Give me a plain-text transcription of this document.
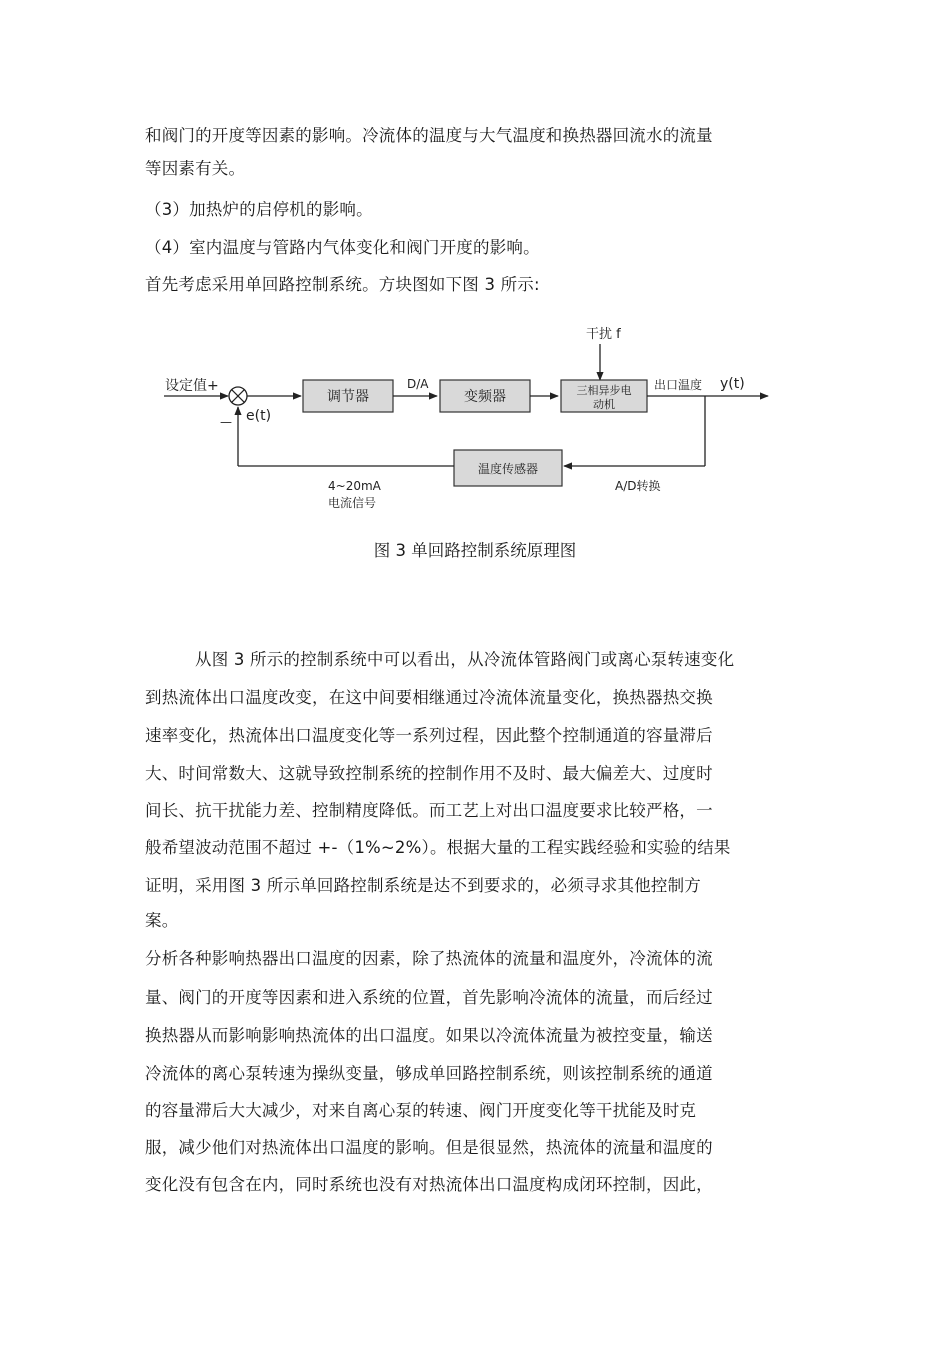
和阀门的开度等因素的影响。冷流体的温度与大气温度和换热器回流水的流量
等因素有关。
（3）加热炉的启停机的影响。
（4）室内温度与管路内气体变化和阀门开度的影响。
首先考虑采用单回路控制系统。方块图如下图 3 所示:
干扰 f
设定值+
e(t)
—
调节器
D/A
变频器	三相异步电
动机
出口温度 y(t)
温度传感器
4~20mA
电流信号
A/D转换
图 3 单回路控制系统原理图
从图 3 所示的控制系统中可以看出，从冷流体管路阀门或离心泵转速变化
到热流体出口温度改变，在这中间要相继通过冷流体流量变化，换热器热交换
速率变化，热流体出口温度变化等一系列过程，因此整个控制通道的容量滞后
大、时间常数大、这就导致控制系统的控制作用不及时、最大偏差大、过度时
间长、抗干扰能力差、控制精度降低。而工艺上对出口温度要求比较严格，一
般希望波动范围不超过 +-（1%~2%）。根据大量的工程实践经验和实验的结果
证明，采用图 3 所示单回路控制系统是达不到要求的，必须寻求其他控制方
案。
分析各种影响热器出口温度的因素，除了热流体的流量和温度外，冷流体的流
量、阀门的开度等因素和进入系统的位置，首先影响冷流体的流量，而后经过
换热器从而影响影响热流体的出口温度。如果以冷流体流量为被控变量，输送
冷流体的离心泵转速为操纵变量，够成单回路控制系统，则该控制系统的通道
的容量滞后大大减少，对来自离心泵的转速、阀门开度变化等干扰能及时克
服，减少他们对热流体出口温度的影响。但是很显然，热流体的流量和温度的
变化没有包含在内，同时系统也没有对热流体出口温度构成闭环控制，因此，
